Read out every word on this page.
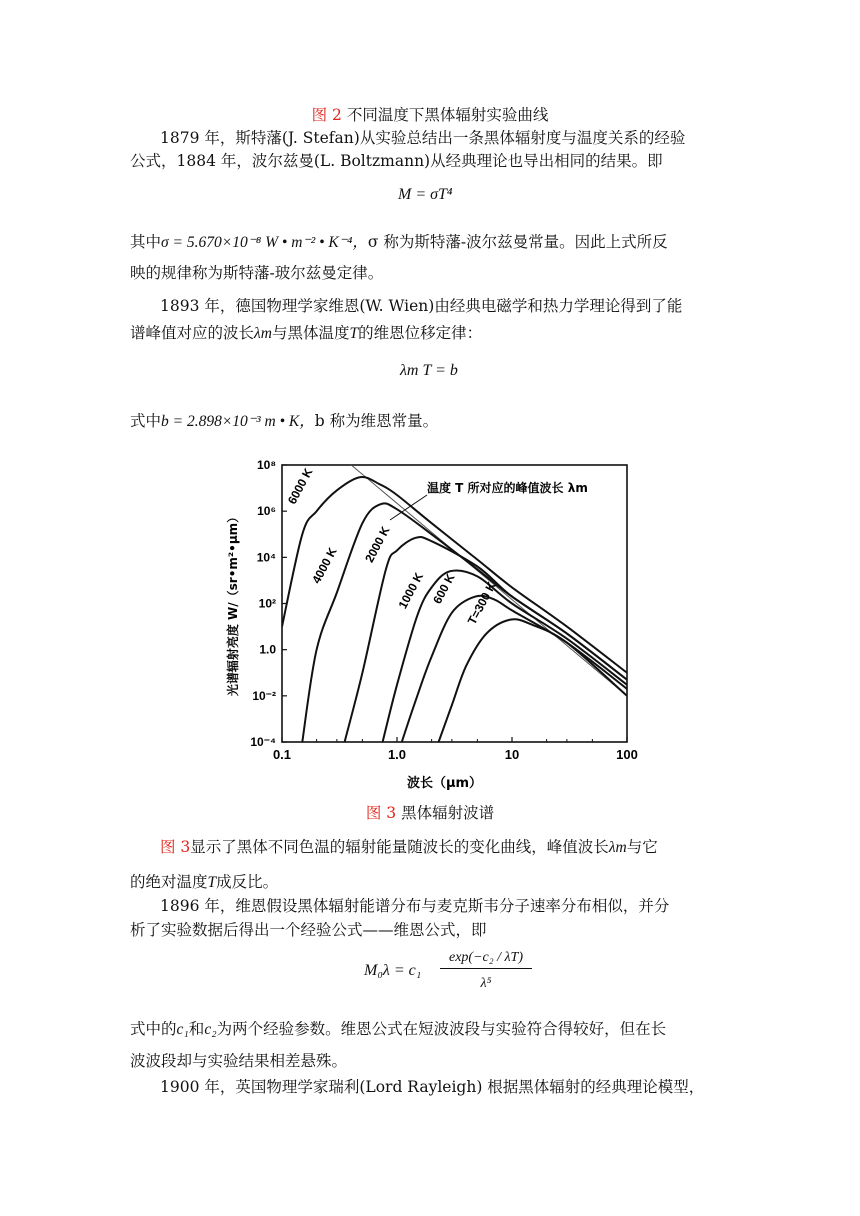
图 2 不同温度下黑体辐射实验曲线
1879 年，斯特藩(J. Stefan)从实验总结出一条黑体辐射度与温度关系的经验
公式，1884 年，波尔兹曼(L. Boltzmann)从经典理论也导出相同的结果。即
M = σT⁴
其中σ = 5.670×10⁻⁸ W • m⁻² • K⁻⁴，σ 称为斯特藩-波尔兹曼常量。因此上式所反
映的规律称为斯特藩-玻尔兹曼定律。
1893 年，德国物理学家维恩(W. Wien)由经典电磁学和热力学理论得到了能
谱峰值对应的波长λm与黑体温度T的维恩位移定律：
λm T = b
式中b = 2.898×10⁻³ m • K，b 称为维恩常量。
0.1	1.0	10	100
10⁸
10⁶
10⁴
10²
1.0
10⁻²
10⁻⁴
波长（μm）
光谱辐射亮度 W/（sr•m²•μm）
6000 K
4000 K
2000 K
1000 K 600 K T=300 K
温度 T 所对应的峰值波长 λm
图 3 黑体辐射波谱
图 3显示了黑体不同色温的辐射能量随波长的变化曲线，峰值波长λm与它
的绝对温度T成反比。
1896 年，维恩假设黑体辐射能谱分布与麦克斯韦分子速率分布相似，并分
析了实验数据后得出一个经验公式——维恩公式，即
M₀λ = c₁
exp(−c₂ / λT)
λ⁵
式中的c₁和c₂为两个经验参数。维恩公式在短波波段与实验符合得较好，但在长
波波段却与实验结果相差悬殊。
1900 年，英国物理学家瑞利(Lord Rayleigh) 根据黑体辐射的经典理论模型，
